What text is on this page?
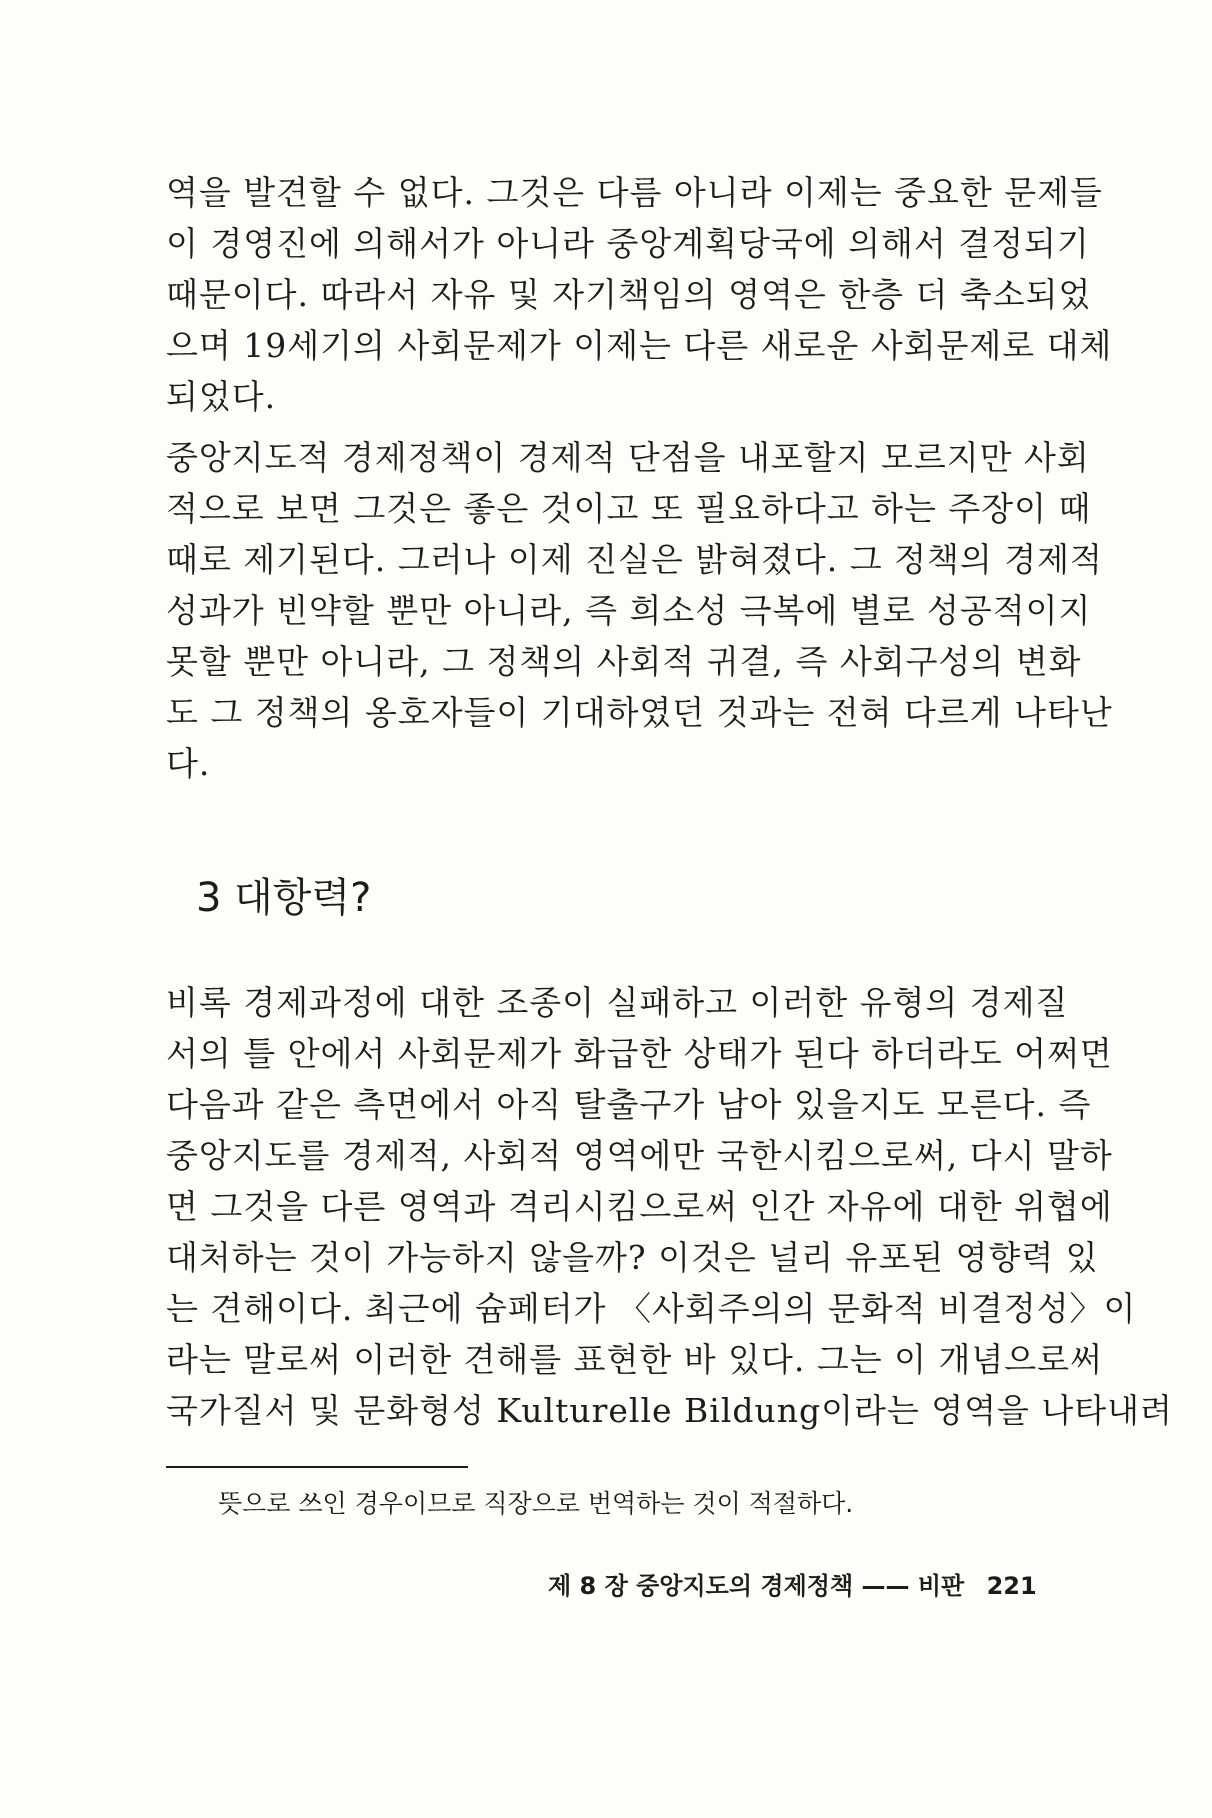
역을 발견할 수 없다. 그것은 다름 아니라 이제는 중요한 문제들
이 경영진에 의해서가 아니라 중앙계획당국에 의해서 결정되기
때문이다. 따라서 자유 및 자기책임의 영역은 한층 더 축소되었
으며 19세기의 사회문제가 이제는 다른 새로운 사회문제로 대체
되었다.
중앙지도적 경제정책이 경제적 단점을 내포할지 모르지만 사회
적으로 보면 그것은 좋은 것이고 또 필요하다고 하는 주장이 때
때로 제기된다. 그러나 이제 진실은 밝혀졌다. 그 정책의 경제적
성과가 빈약할 뿐만 아니라, 즉 희소성 극복에 별로 성공적이지
못할 뿐만 아니라, 그 정책의 사회적 귀결, 즉 사회구성의 변화
도 그 정책의 옹호자들이 기대하였던 것과는 전혀 다르게 나타난
다.
3 대항력?
비록 경제과정에 대한 조종이 실패하고 이러한 유형의 경제질
서의 틀 안에서 사회문제가 화급한 상태가 된다 하더라도 어쩌면
다음과 같은 측면에서 아직 탈출구가 남아 있을지도 모른다. 즉
중앙지도를 경제적, 사회적 영역에만 국한시킴으로써, 다시 말하
면 그것을 다른 영역과 격리시킴으로써 인간 자유에 대한 위협에
대처하는 것이 가능하지 않을까? 이것은 널리 유포된 영향력 있
는 견해이다. 최근에 슘페터가 〈사회주의의 문화적 비결정성〉이
라는 말로써 이러한 견해를 표현한 바 있다. 그는 이 개념으로써
국가질서 및 문화형성 Kulturelle Bildung이라는 영역을 나타내려
뜻으로 쓰인 경우이므로 직장으로 번역하는 것이 적절하다.
제 8 장 중앙지도의 경제정책 —— 비판 221
